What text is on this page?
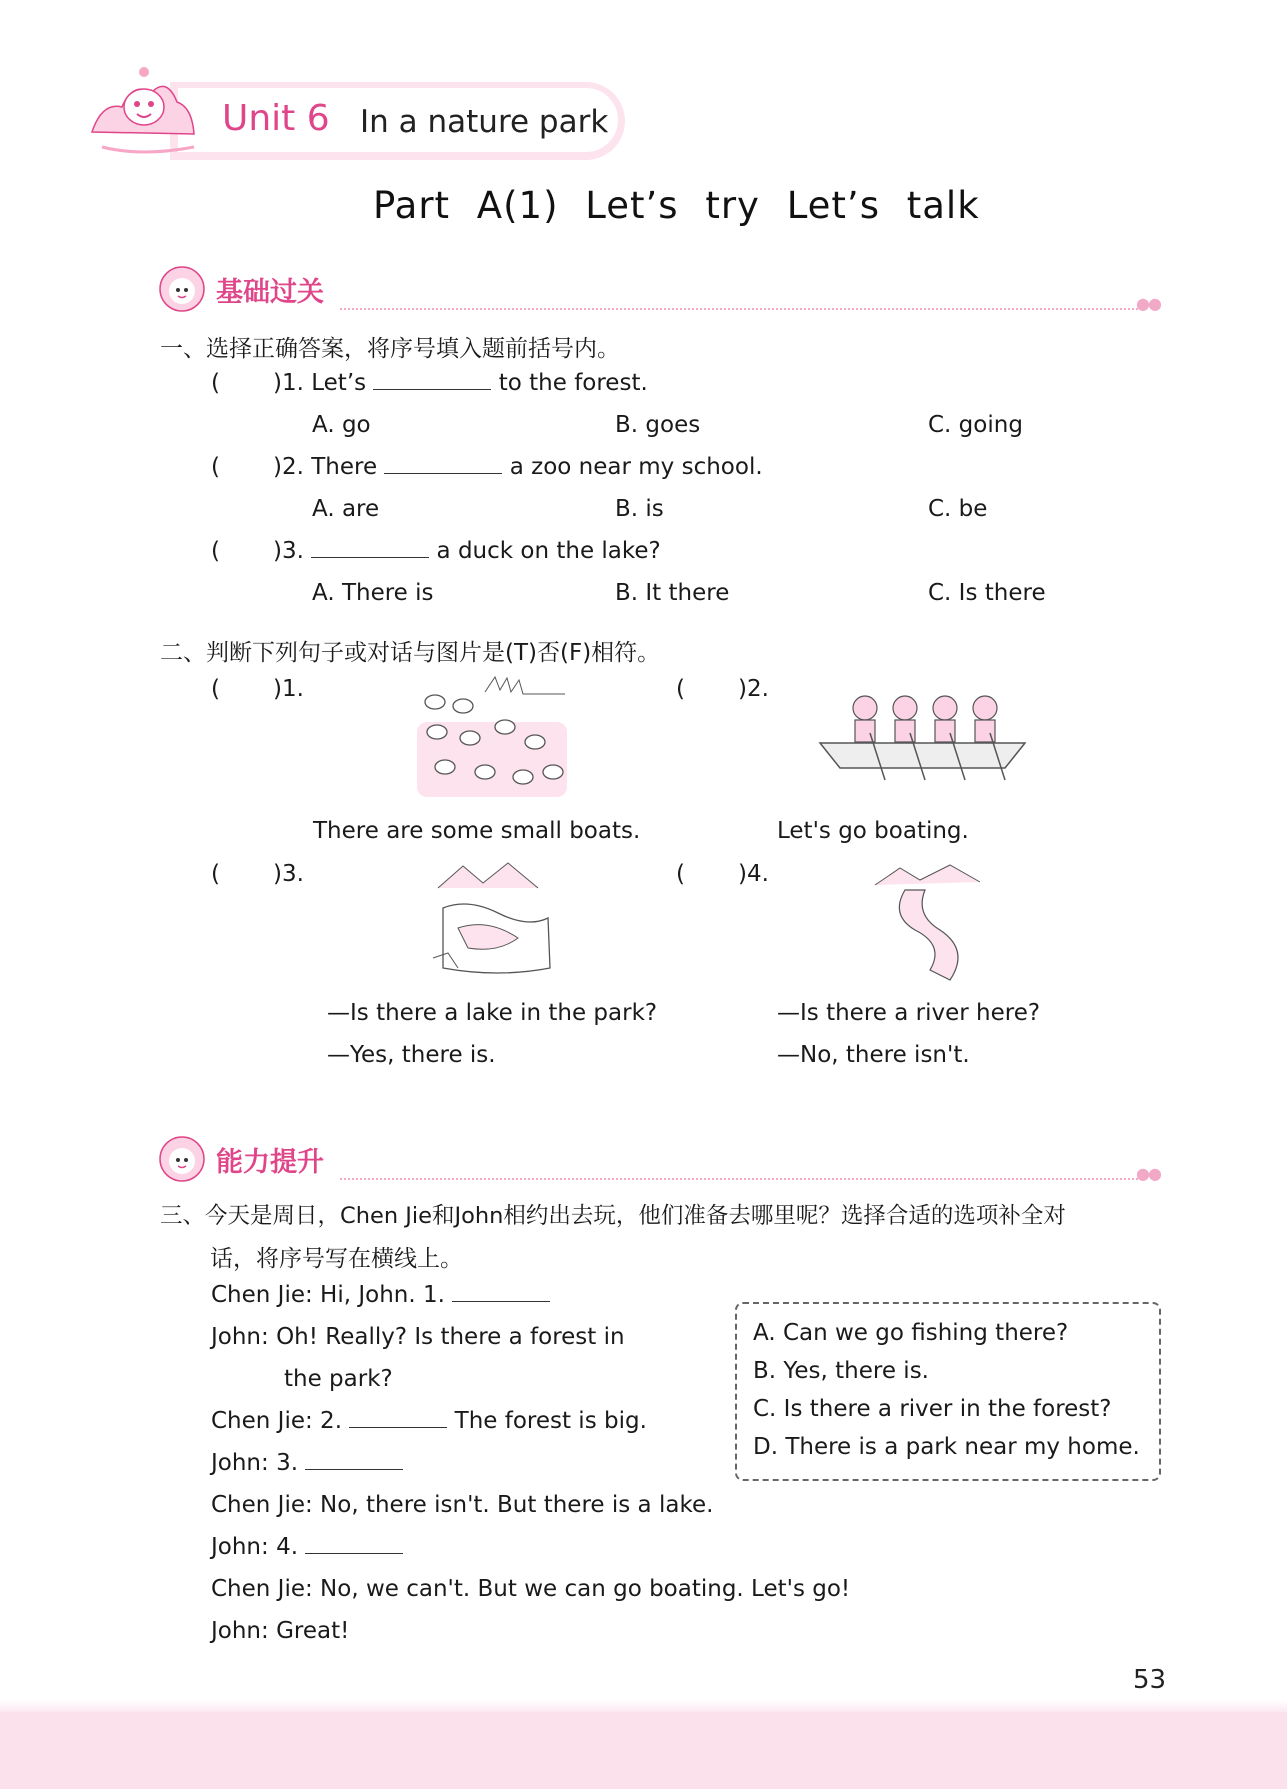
Unit 6 In a nature park
Part A(1) Let’s try Let’s talk
基础过关	●●
一、选择正确答案，将序号填入题前括号内。
( )1. Let’s	to the forest.
A. go	B. goes	C. going
( )2. There	a zoo near my school.
A. are	B. is	C. be
( )3.	a duck on the lake?
A. There is	B. It there	C. Is there
二、判断下列句子或对话与图片是(T)否(F)相符。
( )1.
There are some small boats.
( )2.
Let's go boating.
( )3.
—Is there a lake in the park?
—Yes, there is.
( )4.
—Is there a river here?
—No, there isn't.
能力提升	●●
三、今天是周日，Chen Jie和John相约出去玩，他们准备去哪里呢？选择合适的选项补全对
话，将序号写在横线上。
Chen Jie: Hi, John. 1.
John: Oh! Really? Is there a forest in
the park?
Chen Jie: 2.	The forest is big.
John: 3.
Chen Jie: No, there isn't. But there is a lake.
John: 4.
Chen Jie: No, we can't. But we can go boating. Let's go!
John: Great!
A. Can we go fishing there?
B. Yes, there is.
C. Is there a river in the forest?
D. There is a park near my home.
53
